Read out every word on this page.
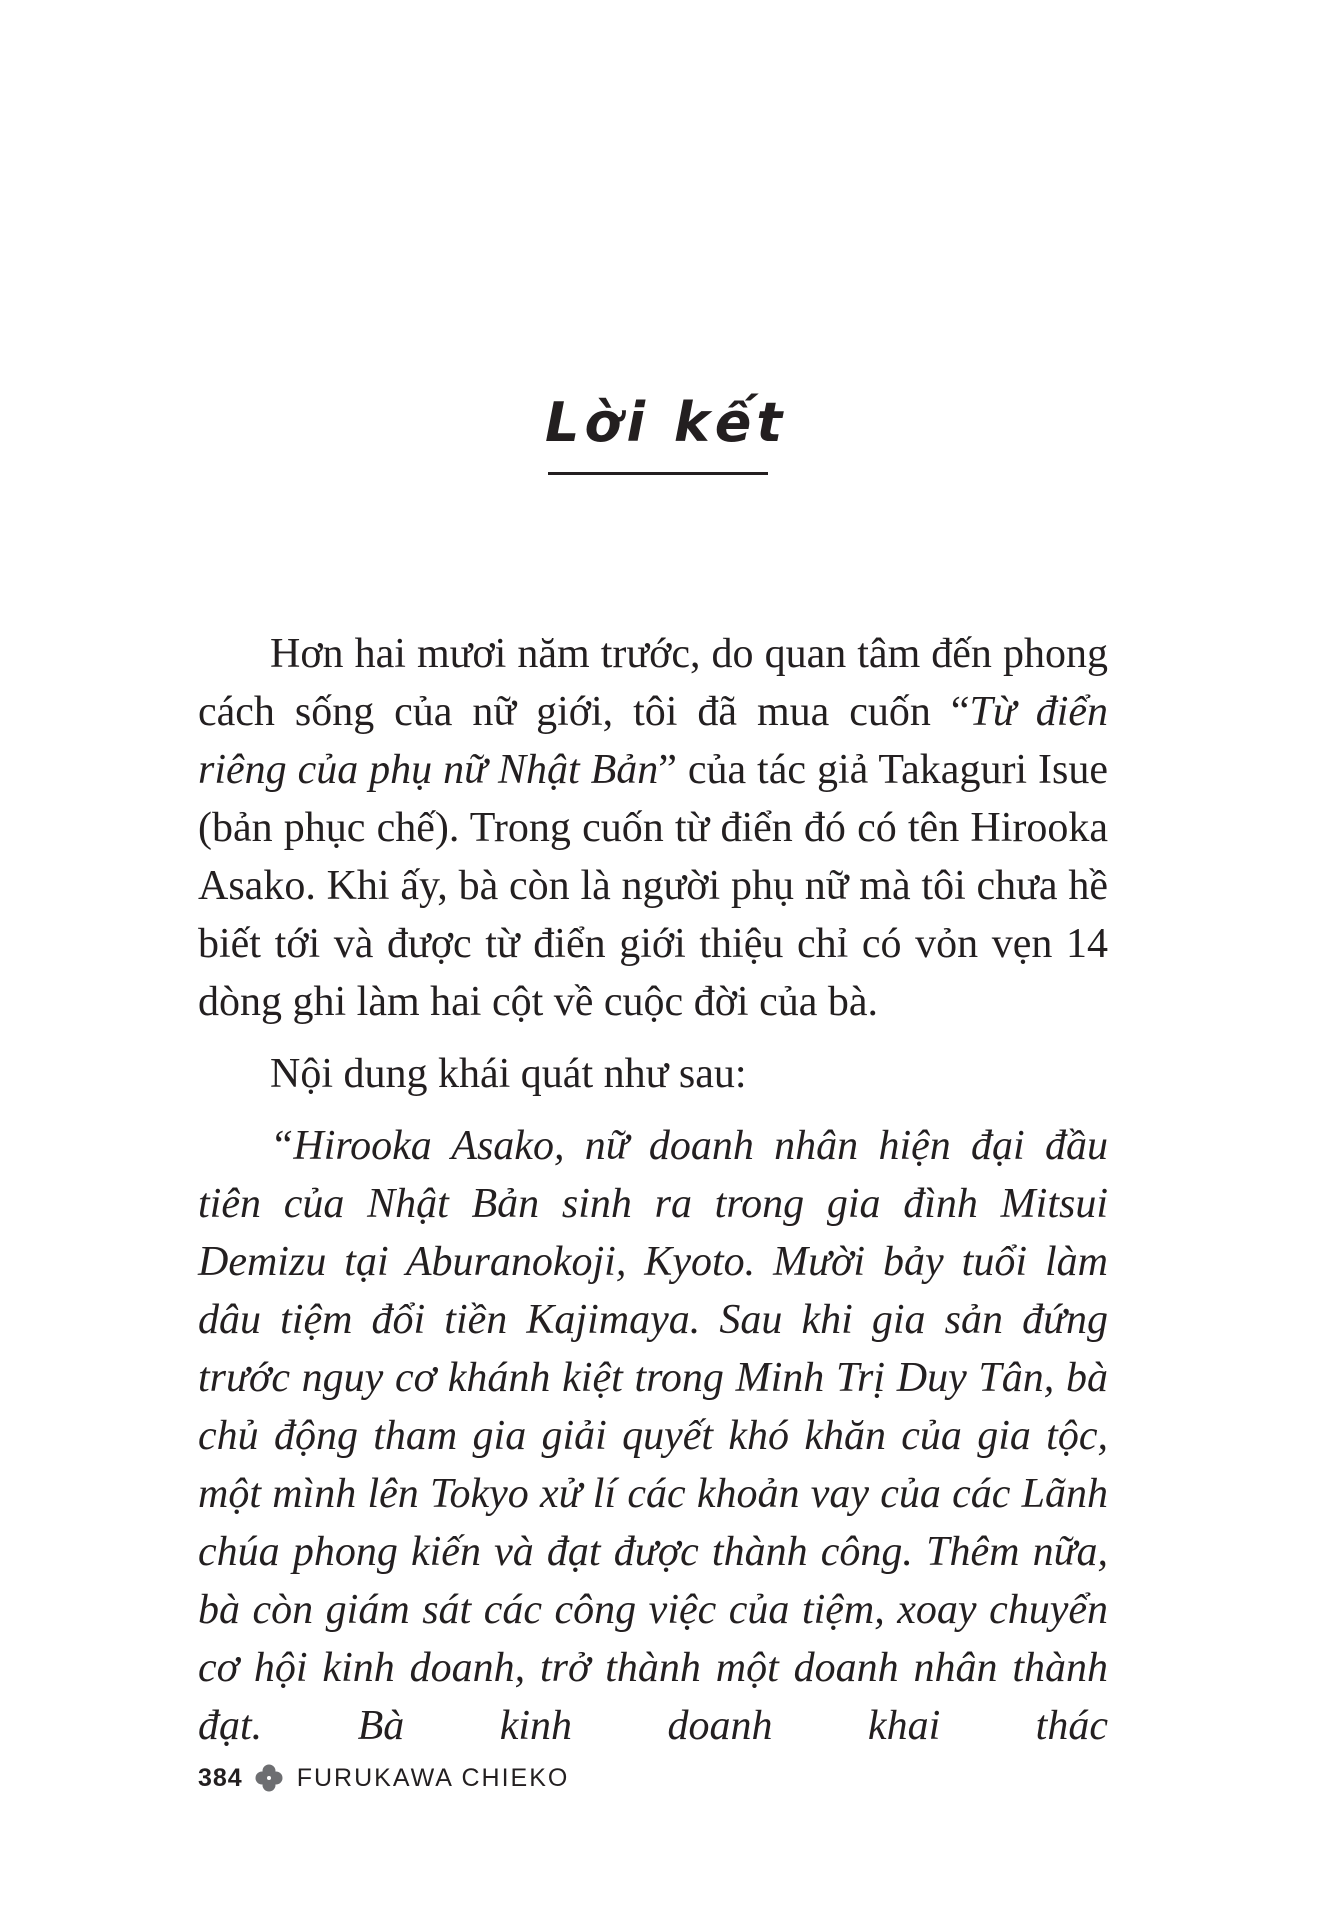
Lời kết

Hơn hai mươi năm trước, do quan tâm đến phong cách sống của nữ giới, tôi đã mua cuốn “Từ điển riêng của phụ nữ Nhật Bản” của tác giả Takaguri Isue (bản phục chế). Trong cuốn từ điển đó có tên Hirooka Asako. Khi ấy, bà còn là người phụ nữ mà tôi chưa hề biết tới và được từ điển giới thiệu chỉ có vỏn vẹn 14 dòng ghi làm hai cột về cuộc đời của bà.

Nội dung khái quát như sau:

“Hirooka Asako, nữ doanh nhân hiện đại đầu tiên của Nhật Bản sinh ra trong gia đình Mitsui Demizu tại Aburanokoji, Kyoto. Mười bảy tuổi làm dâu tiệm đổi tiền Kajimaya. Sau khi gia sản đứng trước nguy cơ khánh kiệt trong Minh Trị Duy Tân, bà chủ động tham gia giải quyết khó khăn của gia tộc, một mình lên Tokyo xử lí các khoản vay của các Lãnh chúa phong kiến và đạt được thành công. Thêm nữa, bà còn giám sát các công việc của tiệm, xoay chuyển cơ hội kinh doanh, trở thành một doanh nhân thành đạt. Bà kinh doanh khai thác

384 FURUKAWA CHIEKO
